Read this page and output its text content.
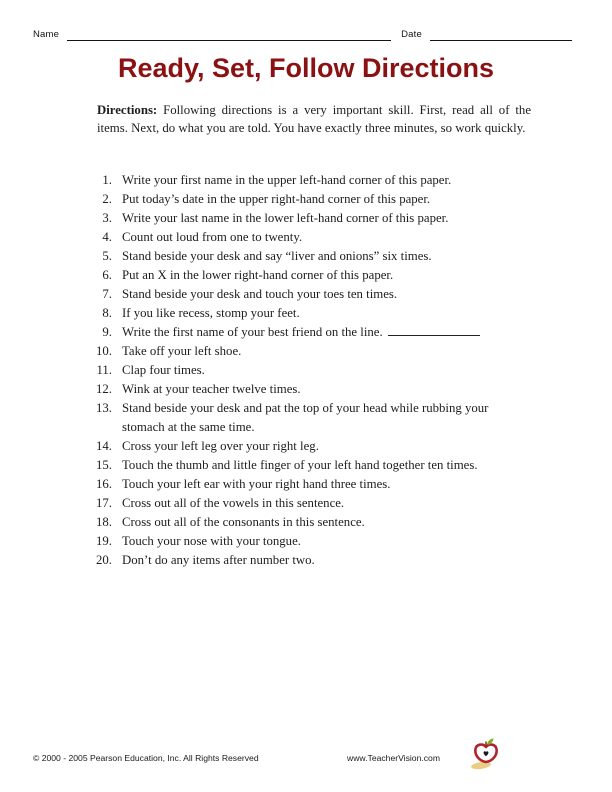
Name	Date
Ready, Set, Follow Directions

Directions: Following directions is a very important skill. First, read all of the items. Next, do what you are told. You have exactly three minutes, so work quickly.

1. Write your first name in the upper left-hand corner of this paper.
2. Put today’s date in the upper right-hand corner of this paper.
3. Write your last name in the lower left-hand corner of this paper.
4. Count out loud from one to twenty.
5. Stand beside your desk and say “liver and onions” six times.
6. Put an X in the lower right-hand corner of this paper.
7. Stand beside your desk and touch your toes ten times.
8. If you like recess, stomp your feet.
9. Write the first name of your best friend on the line.
10. Take off your left shoe.
11. Clap four times.
12. Wink at your teacher twelve times.
13. Stand beside your desk and pat the top of your head while rubbing your stomach at the same time.
14. Cross your left leg over your right leg.
15. Touch the thumb and little finger of your left hand together ten times.
16. Touch your left ear with your right hand three times.
17. Cross out all of the vowels in this sentence.
18. Cross out all of the consonants in this sentence.
19. Touch your nose with your tongue.
20. Don’t do any items after number two.
© 2000 - 2005 Pearson Education, Inc. All Rights Reserved	www.TeacherVision.com
